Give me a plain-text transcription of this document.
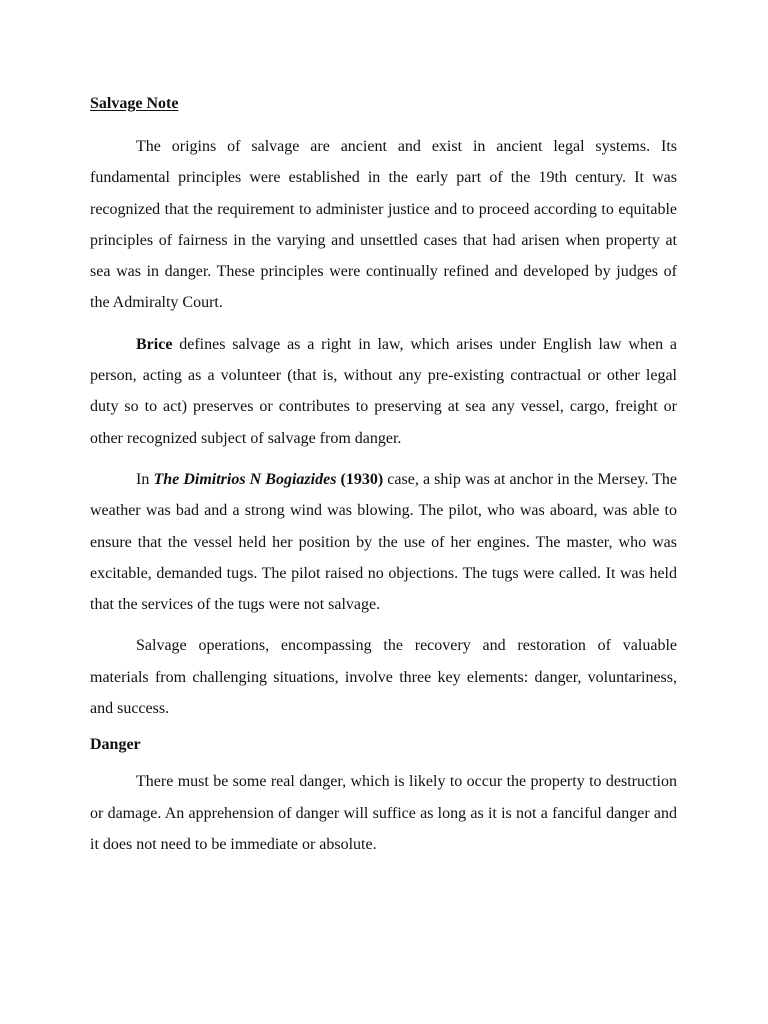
Salvage Note

The origins of salvage are ancient and exist in ancient legal systems. Its fundamental principles were established in the early part of the 19th century. It was recognized that the requirement to administer justice and to proceed according to equitable principles of fairness in the varying and unsettled cases that had arisen when property at sea was in danger. These principles were continually refined and developed by judges of the Admiralty Court.

Brice defines salvage as a right in law, which arises under English law when a person, acting as a volunteer (that is, without any pre-existing contractual or other legal duty so to act) preserves or contributes to preserving at sea any vessel, cargo, freight or other recognized subject of salvage from danger.

In The Dimitrios N Bogiazides (1930) case, a ship was at anchor in the Mersey. The weather was bad and a strong wind was blowing. The pilot, who was aboard, was able to ensure that the vessel held her position by the use of her engines. The master, who was excitable, demanded tugs. The pilot raised no objections. The tugs were called. It was held that the services of the tugs were not salvage.

Salvage operations, encompassing the recovery and restoration of valuable materials from challenging situations, involve three key elements: danger, voluntariness, and success.

Danger

There must be some real danger, which is likely to occur the property to destruction or damage. An apprehension of danger will suffice as long as it is not a fanciful danger and it does not need to be immediate or absolute.
